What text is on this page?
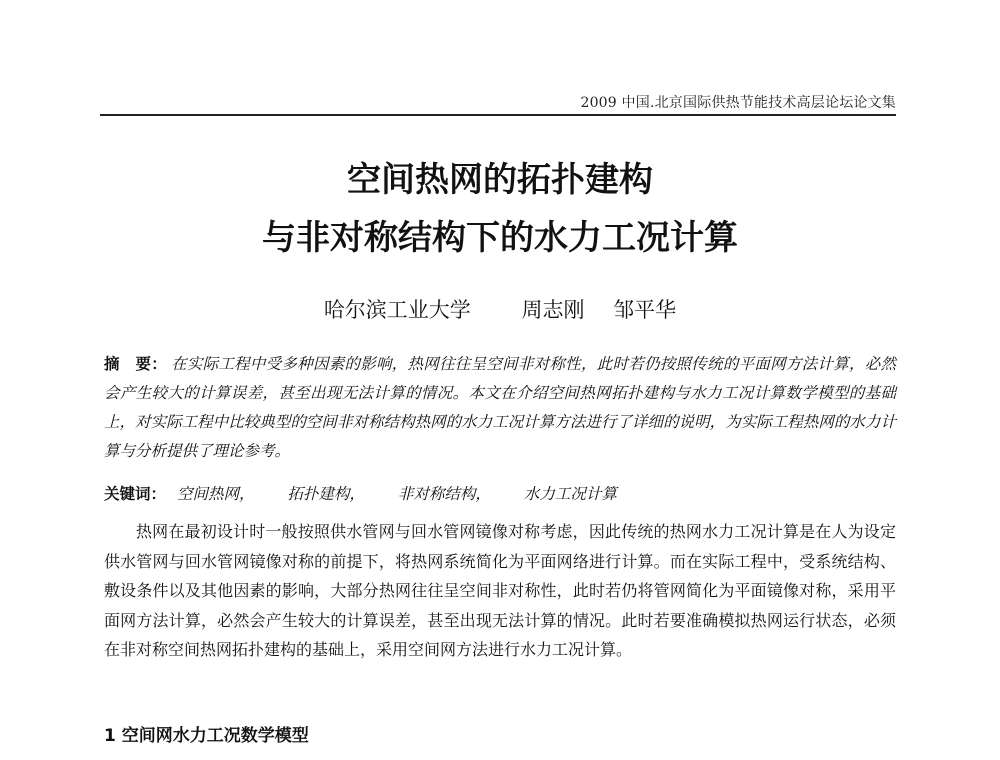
2009 中国.北京国际供热节能技术高层论坛论文集
空间热网的拓扑建构
与非对称结构下的水力工况计算
哈尔滨工业大学 周志刚 邹平华
摘　要： 在实际工程中受多种因素的影响，热网往往呈空间非对称性，此时若仍按照传统的平面网方法计算，必然会产生较大的计算误差，甚至出现无法计算的情况。本文在介绍空间热网拓扑建构与水力工况计算数学模型的基础上，对实际工程中比较典型的空间非对称结构热网的水力工况计算方法进行了详细的说明，为实际工程热网的水力计算与分析提供了理论参考。
关键词： 空间热网， 拓扑建构， 非对称结构， 水力工况计算
热网在最初设计时一般按照供水管网与回水管网镜像对称考虑，因此传统的热网水力工况计算是在人为设定供水管网与回水管网镜像对称的前提下，将热网系统简化为平面网络进行计算。而在实际工程中，受系统结构、敷设条件以及其他因素的影响，大部分热网往往呈空间非对称性，此时若仍将管网简化为平面镜像对称，采用平面网方法计算，必然会产生较大的计算误差，甚至出现无法计算的情况。此时若要准确模拟热网运行状态，必须在非对称空间热网拓扑建构的基础上，采用空间网方法进行水力工况计算。
1 空间网水力工况数学模型
